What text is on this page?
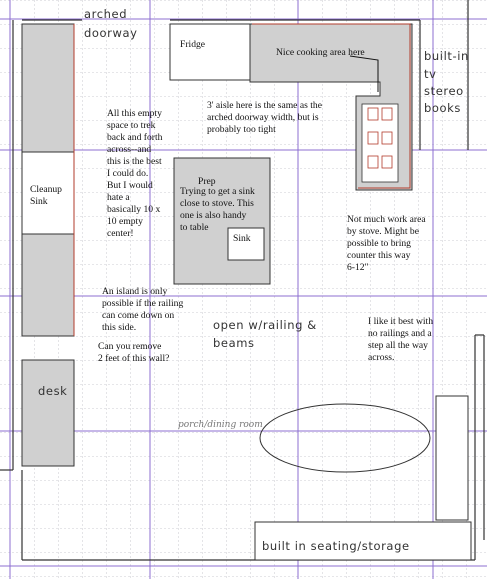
Cleanup
Sink
desk
Fridge
Nice cooking area here
Prep
Sink
porch/dining room
built in seating/storage
arched
doorway
built-in
tv
stereo
books
open w/railing &
beams
All this empty
space to trek
back and forth
across--and
this is the best
I could do.
But I would
hate a
basically 10 x
10 empty
center!
3' aisle here is the same as the
arched doorway width, but is
probably too tight
Trying to get a sink
close to stove. This
one is also handy
to table
Not much work area
by stove. Might be
possible to bring
counter this way
6-12"
An island is only
possible if the railing
can come down on
this side.
Can you remove
2 feet of this wall?
I like it best with
no railings and a
step all the way
across.
